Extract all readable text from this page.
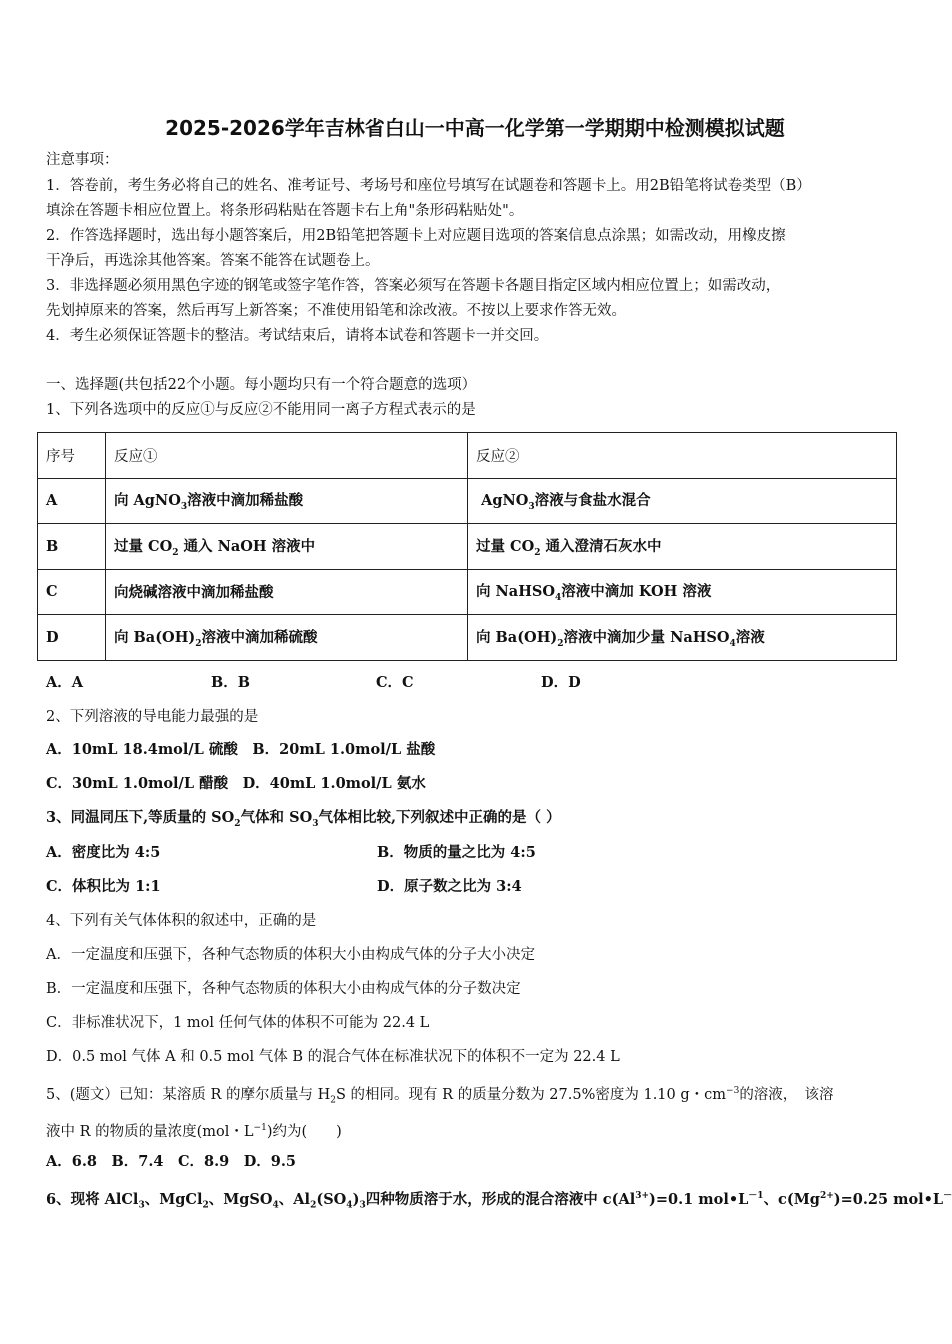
2025-2026学年吉林省白山一中高一化学第一学期期中检测模拟试题
注意事项：
1．答卷前，考生务必将自己的姓名、准考证号、考场号和座位号填写在试题卷和答题卡上。用2B铅笔将试卷类型（B）
填涂在答题卡相应位置上。将条形码粘贴在答题卡右上角"条形码粘贴处"。
2．作答选择题时，选出每小题答案后，用2B铅笔把答题卡上对应题目选项的答案信息点涂黑；如需改动，用橡皮擦
干净后，再选涂其他答案。答案不能答在试题卷上。
3．非选择题必须用黑色字迹的钢笔或签字笔作答，答案必须写在答题卡各题目指定区域内相应位置上；如需改动，
先划掉原来的答案，然后再写上新答案；不准使用铅笔和涂改液。不按以上要求作答无效。
4．考生必须保证答题卡的整洁。考试结束后，请将本试卷和答题卡一并交回。
一、选择题(共包括22个小题。每小题均只有一个符合题意的选项）
1、下列各选项中的反应①与反应②不能用同一离子方程式表示的是
序号	反应①	反应②
A	向 AgNO$_3$溶液中滴加稀盐酸	AgNO$_3$溶液与食盐水混合
B	过量 $CO_2$ 通入 NaOH 溶液中	过量 $CO_2$ 通入澄清石灰水中
C	向烧碱溶液中滴加稀盐酸	向 NaHSO$_4$溶液中滴加 KOH 溶液
D	向 $Ba(OH)_2$溶液中滴加稀硫酸	向 $Ba(OH)_2$溶液中滴加少量 NaHSO$_4$溶液
A．A	B．B	C．C	D．D
2、下列溶液的导电能力最强的是
A．10mL 18.4mol/L 硫酸　B．20mL 1.0mol/L 盐酸
C．30mL 1.0mol/L 醋酸　D．40mL 1.0mol/L 氨水
3、同温同压下,等质量的 $SO_2$气体和 $SO_3$气体相比较,下列叙述中正确的是（ ）
A．密度比为 4:5	B．物质的量之比为 4:5
C．体积比为 1:1	D．原子数之比为 3:4
4、下列有关气体体积的叙述中，正确的是
A．一定温度和压强下，各种气态物质的体积大小由构成气体的分子大小决定
B．一定温度和压强下，各种气态物质的体积大小由构成气体的分子数决定
C．非标准状况下，1 mol 任何气体的体积不可能为 22.4 L
D．0.5 mol 气体 A 和 0.5 mol 气体 B 的混合气体在标准状况下的体积不一定为 22.4 L
5、(题文）已知：某溶质 R 的摩尔质量与 $H_2S$ 的相同。现有 R 的质量分数为 27.5%密度为 1.10 g・$cm^{-3}$的溶液，　该溶
液中 R 的物质的量浓度(mol・$L^{-1}$)约为(　　)
A．6.8　B．7.4　C．8.9　D．9.5
6、现将 AlCl$_3$、MgCl$_2$、MgSO$_4$、$Al_2(SO_4)_3$四种物质溶于水，形成的混合溶液中 $c(Al^{3+})=0.1$ $mol•L^{-1}$、$c(Mg^{2+})=0.25$ mol•L－
